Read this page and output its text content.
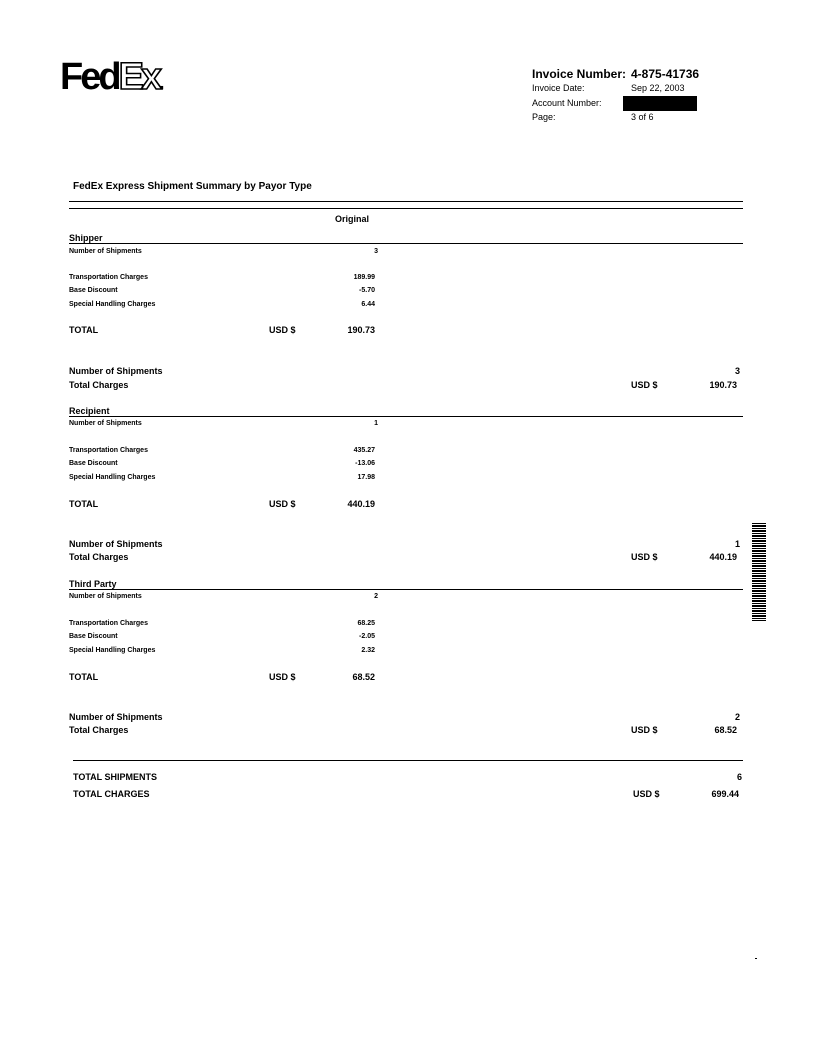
FedEx.	Invoice Number: 4-875-41736
Invoice Date:	Sep 22, 2003
Account Number:
Page:	3 of 6
FedEx Express Shipment Summary by Payor Type
Original
Shipper
Number of Shipments	3
Transportation Charges	189.99
Base Discount	-5.70
Special Handling Charges	6.44
TOTAL	USD $	190.73
Number of Shipments	3
Total Charges	USD $	190.73
Recipient
Number of Shipments	1
Transportation Charges	435.27
Base Discount	-13.06
Special Handling Charges	17.98
TOTAL	USD $	440.19
Number of Shipments	1
Total Charges	USD $	440.19
Third Party
Number of Shipments	2
Transportation Charges	68.25
Base Discount	-2.05
Special Handling Charges	2.32
TOTAL	USD $	68.52
Number of Shipments	2
Total Charges	USD $	68.52
TOTAL SHIPMENTS	6
TOTAL CHARGES	USD $	699.44
